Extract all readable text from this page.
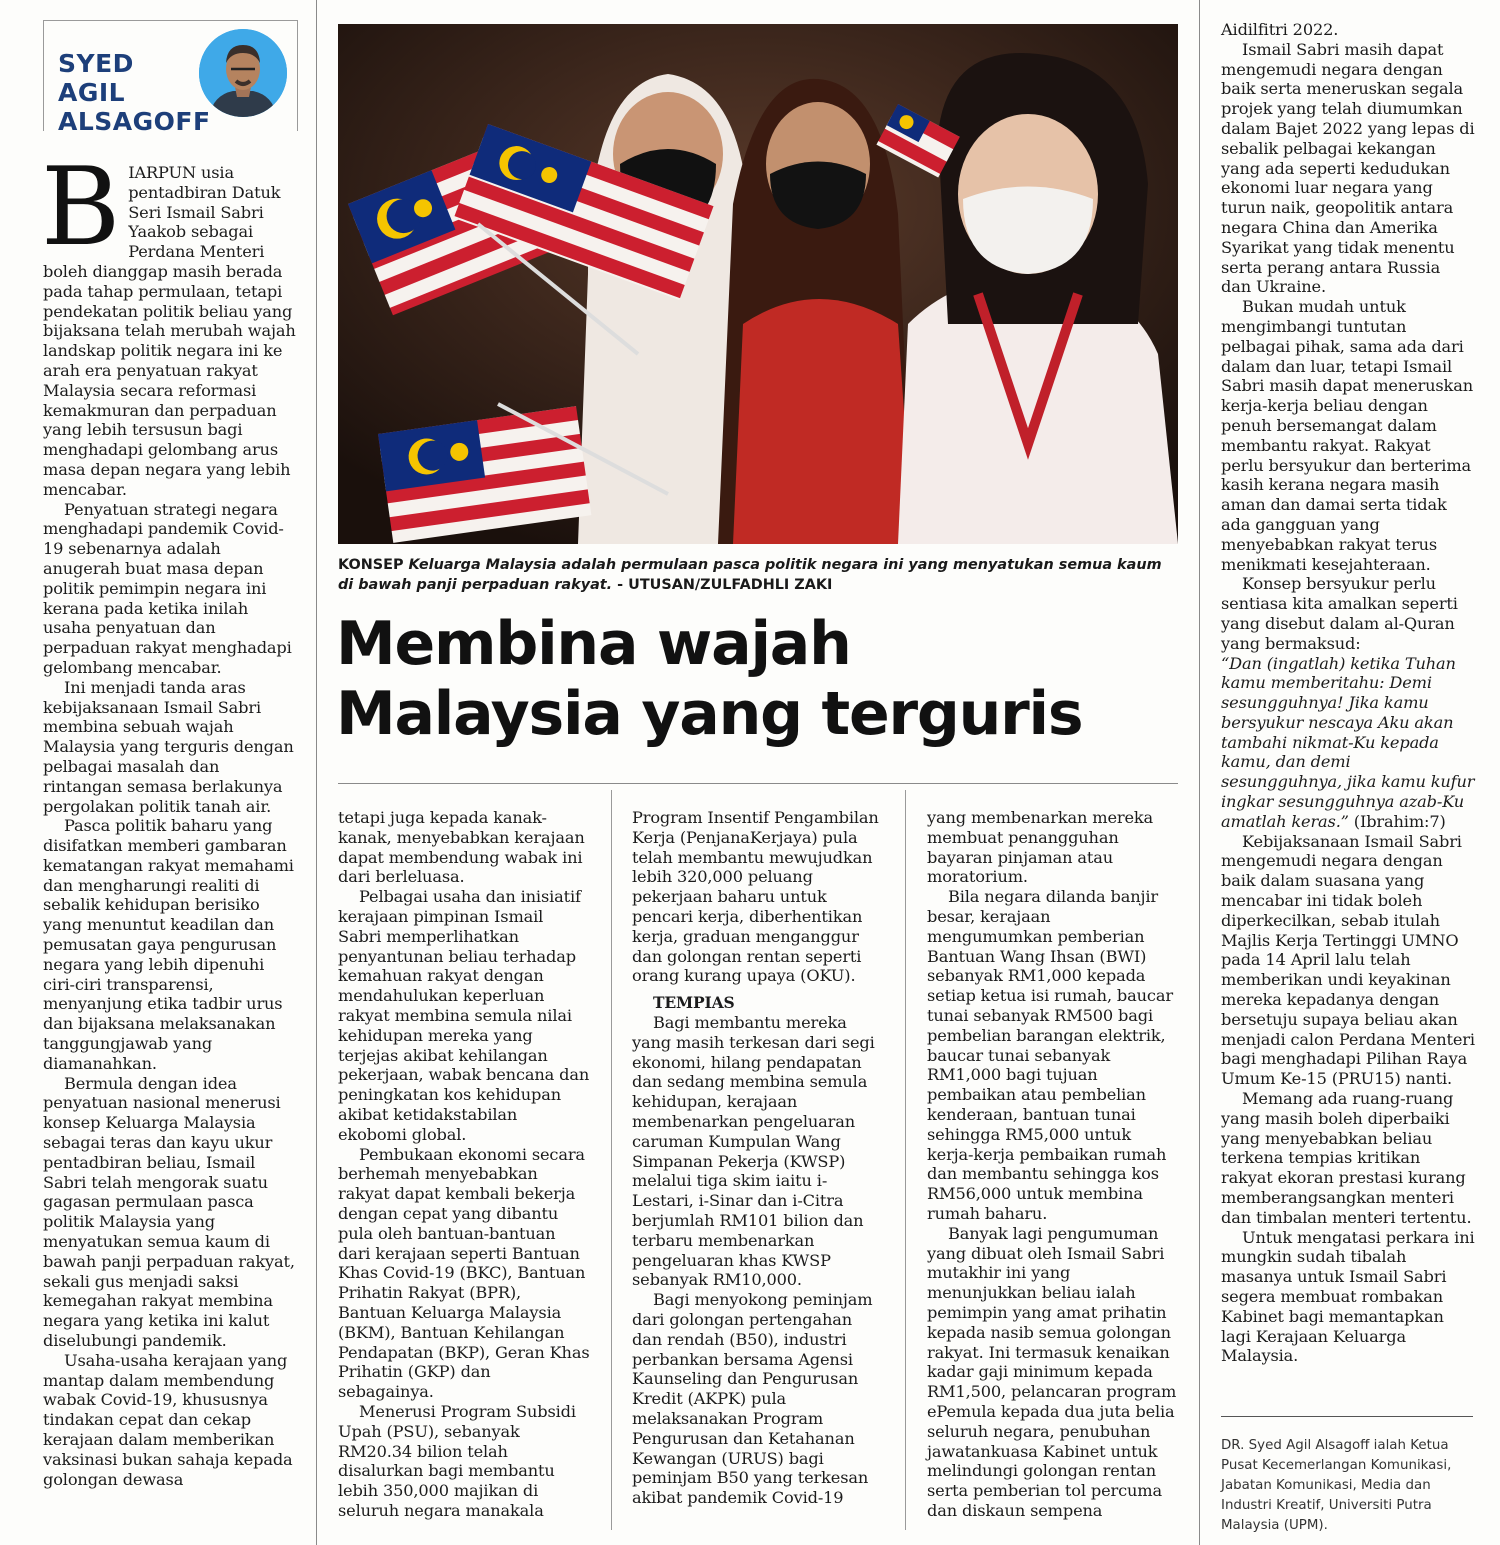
SYED
AGIL
ALSAGOFF

BIARPUN usia pentadbiran Datuk Seri Ismail Sabri Yaakob sebagai Perdana Menteri boleh dianggap masih berada pada tahap permulaan, tetapi pendekatan politik beliau yang bijaksana telah merubah wajah landskap politik negara ini ke arah era penyatuan rakyat Malaysia secara reformasi kemakmuran dan perpaduan yang lebih tersusun bagi menghadapi gelombang arus masa depan negara yang lebih mencabar.

Penyatuan strategi negara menghadapi pandemik Covid-19 sebenarnya adalah anugerah buat masa depan politik pemimpin negara ini kerana pada ketika inilah usaha penyatuan dan perpaduan rakyat menghadapi gelombang mencabar.

Ini menjadi tanda aras kebijaksanaan Ismail Sabri membina sebuah wajah Malaysia yang terguris dengan pelbagai masalah dan rintangan semasa berlakunya pergolakan politik tanah air.

Pasca politik baharu yang disifatkan memberi gambaran kematangan rakyat memahami dan mengharungi realiti di sebalik kehidupan berisiko yang menuntut keadilan dan pemusatan gaya pengurusan negara yang lebih dipenuhi ciri-ciri transparensi, menyanjung etika tadbir urus dan bijaksana melaksanakan tanggungjawab yang diamanahkan.

Bermula dengan idea penyatuan nasional menerusi konsep Keluarga Malaysia sebagai teras dan kayu ukur pentadbiran beliau, Ismail Sabri telah mengorak suatu gagasan permulaan pasca politik Malaysia yang menyatukan semua kaum di bawah panji perpaduan rakyat, sekali gus menjadi saksi kemegahan rakyat membina negara yang ketika ini kalut diselubungi pandemik.

Usaha-usaha kerajaan yang mantap dalam membendung wabak Covid-19, khususnya tindakan cepat dan cekap kerajaan dalam memberikan vaksinasi bukan sahaja kepada golongan dewasa

KONSEP Keluarga Malaysia adalah permulaan pasca politik negara ini yang menyatukan semua kaum di bawah panji perpaduan rakyat. - UTUSAN/ZULFADHLI ZAKI
Membina wajah
Malaysia yang terguris

tetapi juga kepada kanak-kanak, menyebabkan kerajaan dapat membendung wabak ini dari berleluasa.

Pelbagai usaha dan inisiatif kerajaan pimpinan Ismail Sabri memperlihatkan penyantunan beliau terhadap kemahuan rakyat dengan mendahulukan keperluan rakyat membina semula nilai kehidupan mereka yang terjejas akibat kehilangan pekerjaan, wabak bencana dan peningkatan kos kehidupan akibat ketidakstabilan ekobomi global.

Pembukaan ekonomi secara berhemah menyebabkan rakyat dapat kembali bekerja dengan cepat yang dibantu pula oleh bantuan-bantuan dari kerajaan seperti Bantuan Khas Covid-19 (BKC), Bantuan Prihatin Rakyat (BPR), Bantuan Keluarga Malaysia (BKM), Bantuan Kehilangan Pendapatan (BKP), Geran Khas Prihatin (GKP) dan sebagainya.

Menerusi Program Subsidi Upah (PSU), sebanyak RM20.34 bilion telah disalurkan bagi membantu lebih 350,000 majikan di seluruh negara manakala

Program Insentif Pengambilan Kerja (PenjanaKerjaya) pula telah membantu mewujudkan lebih 320,000 peluang pekerjaan baharu untuk pencari kerja, diberhentikan kerja, graduan menganggur dan golongan rentan seperti orang kurang upaya (OKU).

TEMPIAS

Bagi membantu mereka yang masih terkesan dari segi ekonomi, hilang pendapatan dan sedang membina semula kehidupan, kerajaan membenarkan pengeluaran caruman Kumpulan Wang Simpanan Pekerja (KWSP) melalui tiga skim iaitu i-Lestari, i-Sinar dan i-Citra berjumlah RM101 bilion dan terbaru membenarkan pengeluaran khas KWSP sebanyak RM10,000.

Bagi menyokong peminjam dari golongan pertengahan dan rendah (B50), industri perbankan bersama Agensi Kaunseling dan Pengurusan Kredit (AKPK) pula melaksanakan Program Pengurusan dan Ketahanan Kewangan (URUS) bagi peminjam B50 yang terkesan akibat pandemik Covid-19

yang membenarkan mereka membuat penangguhan bayaran pinjaman atau moratorium.

Bila negara dilanda banjir besar, kerajaan mengumumkan pemberian Bantuan Wang Ihsan (BWI) sebanyak RM1,000 kepada setiap ketua isi rumah, baucar tunai sebanyak RM500 bagi pembelian barangan elektrik, baucar tunai sebanyak RM1,000 bagi tujuan pembaikan atau pembelian kenderaan, bantuan tunai sehingga RM5,000 untuk kerja-kerja pembaikan rumah dan membantu sehingga kos RM56,000 untuk membina rumah baharu.

Banyak lagi pengumuman yang dibuat oleh Ismail Sabri mutakhir ini yang menunjukkan beliau ialah pemimpin yang amat prihatin kepada nasib semua golongan rakyat. Ini termasuk kenaikan kadar gaji minimum kepada RM1,500, pelancaran program ePemula kepada dua juta belia seluruh negara, penubuhan jawatankuasa Kabinet untuk melindungi golongan rentan serta pemberian tol percuma dan diskaun sempena

Aidilfitri 2022.

Ismail Sabri masih dapat mengemudi negara dengan baik serta meneruskan segala projek yang telah diumumkan dalam Bajet 2022 yang lepas di sebalik pelbagai kekangan yang ada seperti kedudukan ekonomi luar negara yang turun naik, geopolitik antara negara China dan Amerika Syarikat yang tidak menentu serta perang antara Russia dan Ukraine.

Bukan mudah untuk mengimbangi tuntutan pelbagai pihak, sama ada dari dalam dan luar, tetapi Ismail Sabri masih dapat meneruskan kerja-kerja beliau dengan penuh bersemangat dalam membantu rakyat. Rakyat perlu bersyukur dan berterima kasih kerana negara masih aman dan damai serta tidak ada gangguan yang menyebabkan rakyat terus menikmati kesejahteraan.

Konsep bersyukur perlu sentiasa kita amalkan seperti yang disebut dalam al-Quran yang bermaksud:

“Dan (ingatlah) ketika Tuhan kamu memberitahu: Demi sesungguhnya! Jika kamu bersyukur nescaya Aku akan tambahi nikmat-Ku kepada kamu, dan demi sesungguhnya, jika kamu kufur ingkar sesungguhnya azab-Ku amatlah keras.” (Ibrahim:7)

Kebijaksanaan Ismail Sabri mengemudi negara dengan baik dalam suasana yang mencabar ini tidak boleh diperkecilkan, sebab itulah Majlis Kerja Tertinggi UMNO pada 14 April lalu telah memberikan undi keyakinan mereka kepadanya dengan bersetuju supaya beliau akan menjadi calon Perdana Menteri bagi menghadapi Pilihan Raya Umum Ke-15 (PRU15) nanti.

Memang ada ruang-ruang yang masih boleh diperbaiki yang menyebabkan beliau terkena tempias kritikan rakyat ekoran prestasi kurang memberangsangkan menteri dan timbalan menteri tertentu.

Untuk mengatasi perkara ini mungkin sudah tibalah masanya untuk Ismail Sabri segera membuat rombakan Kabinet bagi memantapkan lagi Kerajaan Keluarga Malaysia.

DR. Syed Agil Alsagoff ialah Ketua Pusat Kecemerlangan Komunikasi, Jabatan Komunikasi, Media dan Industri Kreatif, Universiti Putra Malaysia (UPM).
